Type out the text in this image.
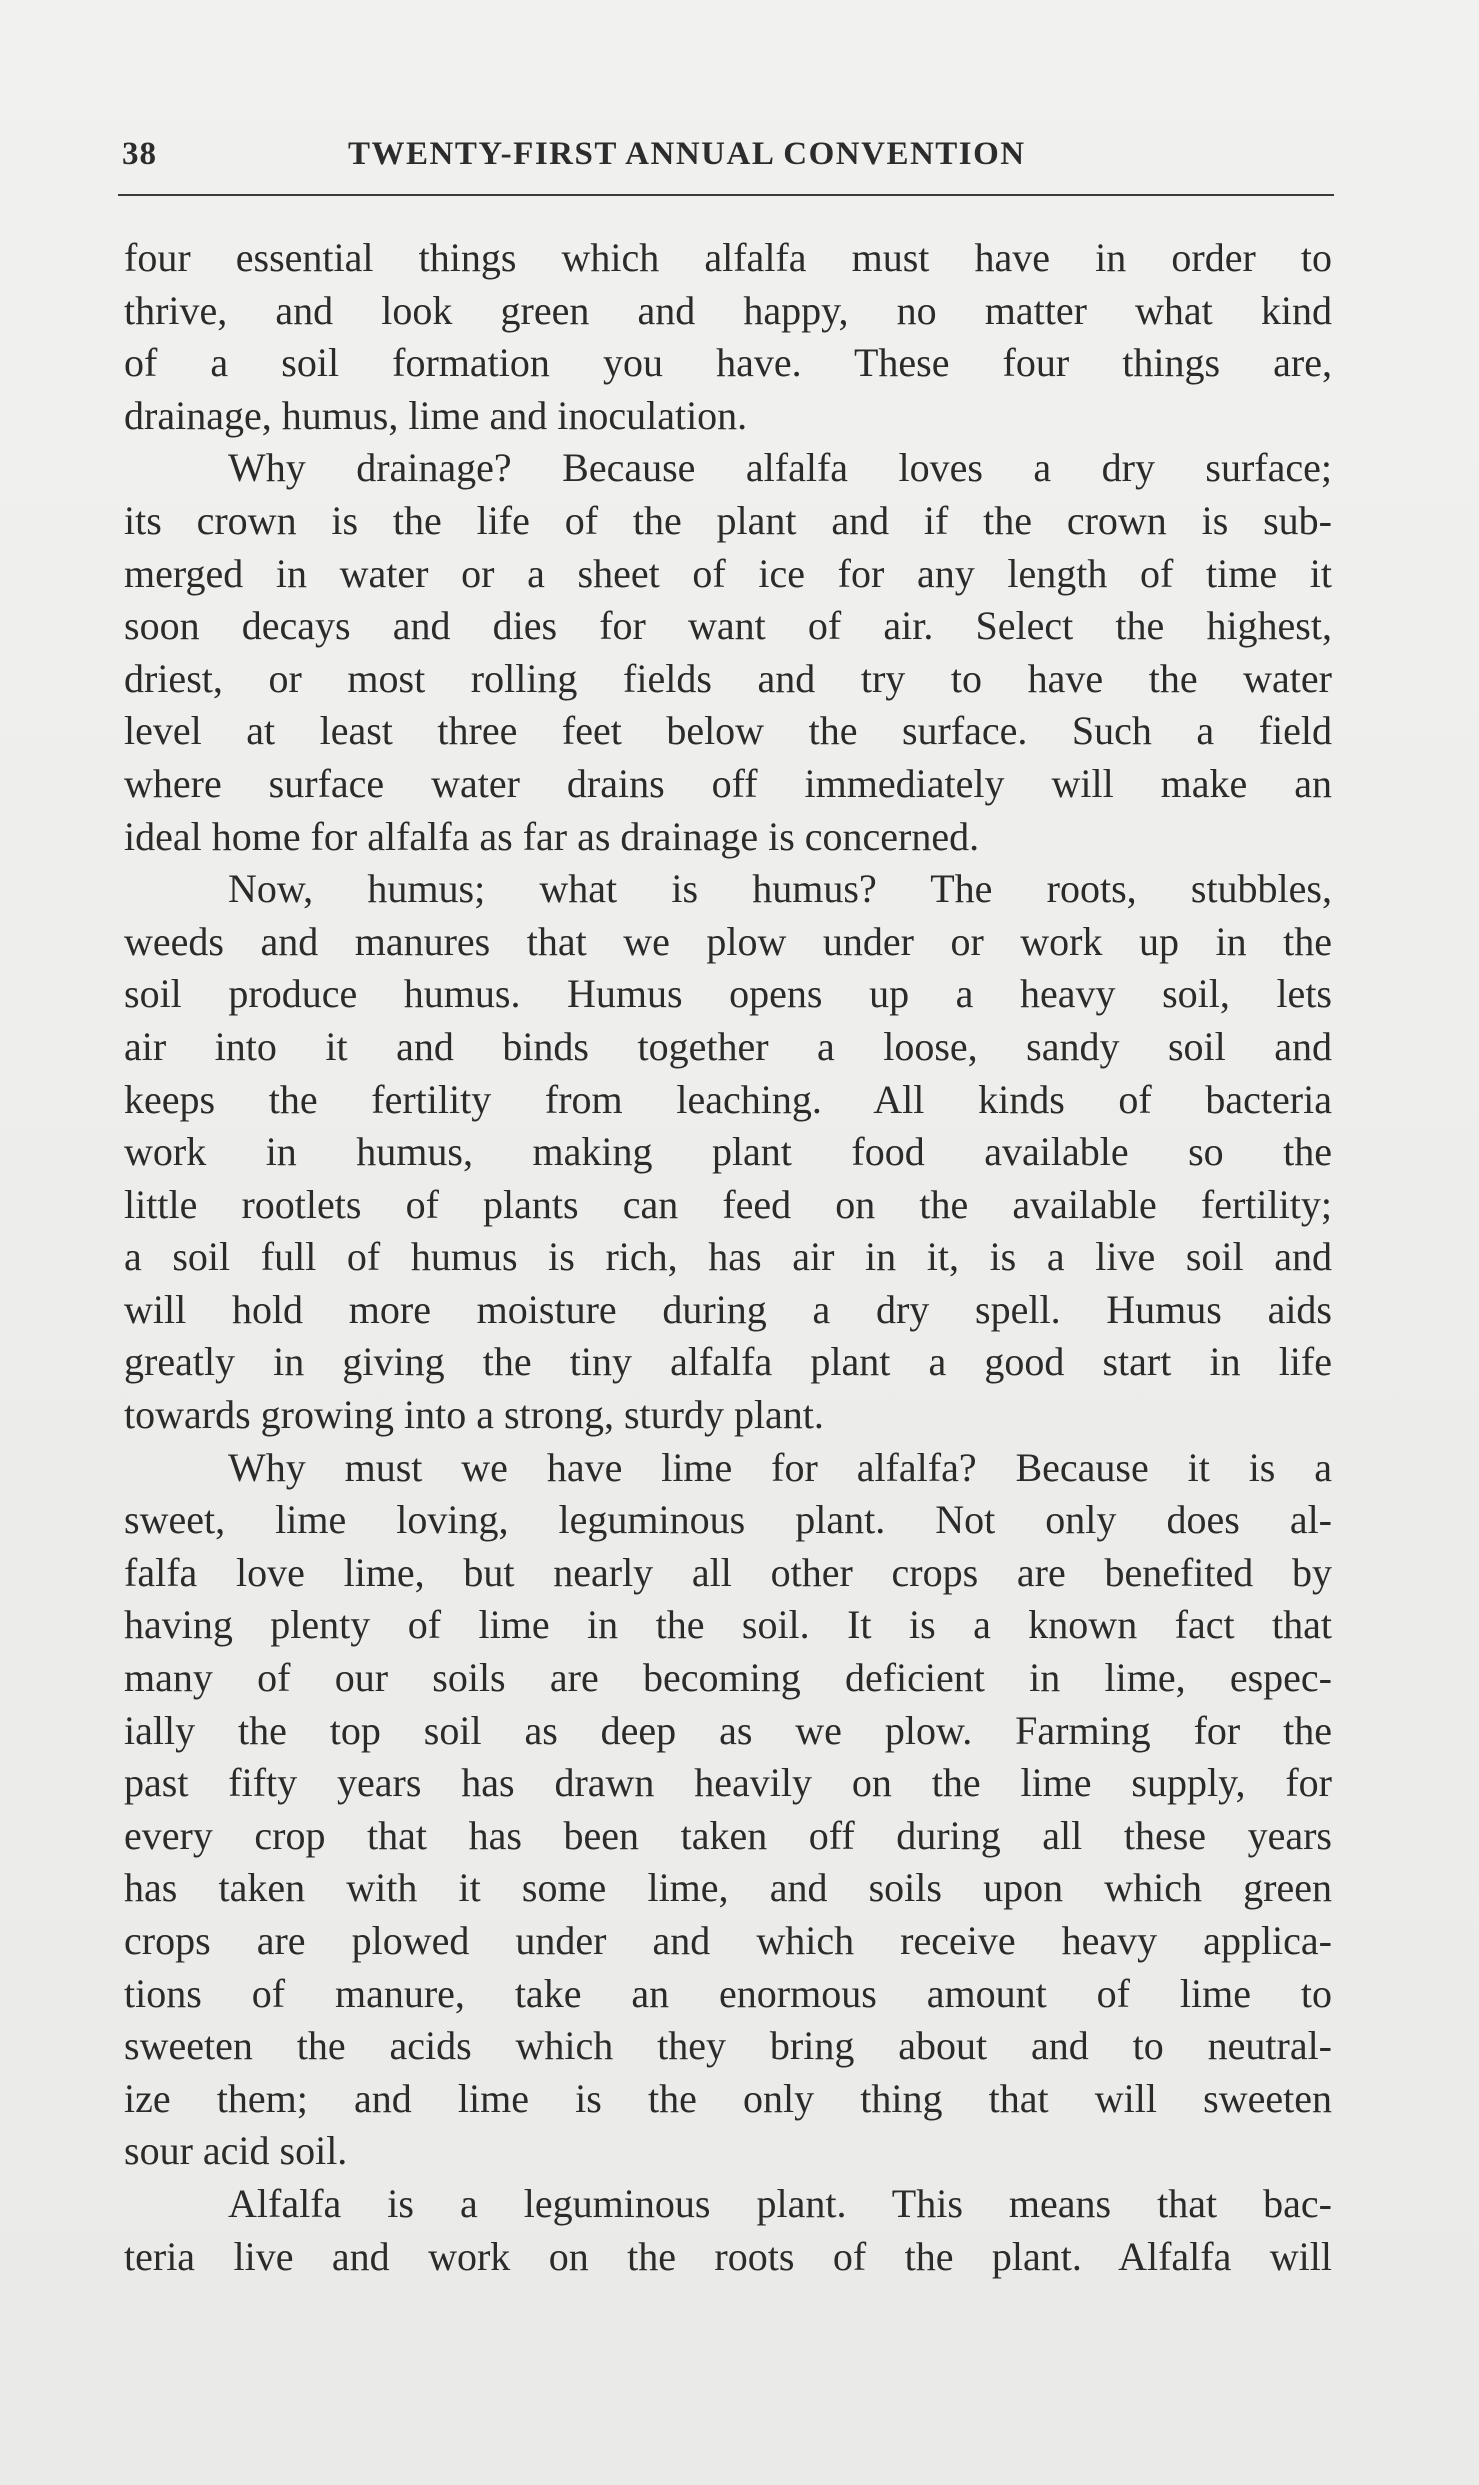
38	TWENTY-FIRST ANNUAL CONVENTION
four essential things which alfalfa must have in order to
thrive, and look green and happy, no matter what kind
of a soil formation you have. These four things are,
drainage, humus, lime and inoculation.
Why drainage? Because alfalfa loves a dry surface;
its crown is the life of the plant and if the crown is sub-
merged in water or a sheet of ice for any length of time it
soon decays and dies for want of air. Select the highest,
driest, or most rolling fields and try to have the water
level at least three feet below the surface. Such a field
where surface water drains off immediately will make an
ideal home for alfalfa as far as drainage is concerned.
Now, humus; what is humus? The roots, stubbles,
weeds and manures that we plow under or work up in the
soil produce humus. Humus opens up a heavy soil, lets
air into it and binds together a loose, sandy soil and
keeps the fertility from leaching. All kinds of bacteria
work in humus, making plant food available so the
little rootlets of plants can feed on the available fertility;
a soil full of humus is rich, has air in it, is a live soil and
will hold more moisture during a dry spell. Humus aids
greatly in giving the tiny alfalfa plant a good start in life
towards growing into a strong, sturdy plant.
Why must we have lime for alfalfa? Because it is a
sweet, lime loving, leguminous plant. Not only does al-
falfa love lime, but nearly all other crops are benefited by
having plenty of lime in the soil. It is a known fact that
many of our soils are becoming deficient in lime, espec-
ially the top soil as deep as we plow. Farming for the
past fifty years has drawn heavily on the lime supply, for
every crop that has been taken off during all these years
has taken with it some lime, and soils upon which green
crops are plowed under and which receive heavy applica-
tions of manure, take an enormous amount of lime to
sweeten the acids which they bring about and to neutral-
ize them; and lime is the only thing that will sweeten
sour acid soil.
Alfalfa is a leguminous plant. This means that bac-
teria live and work on the roots of the plant. Alfalfa will
